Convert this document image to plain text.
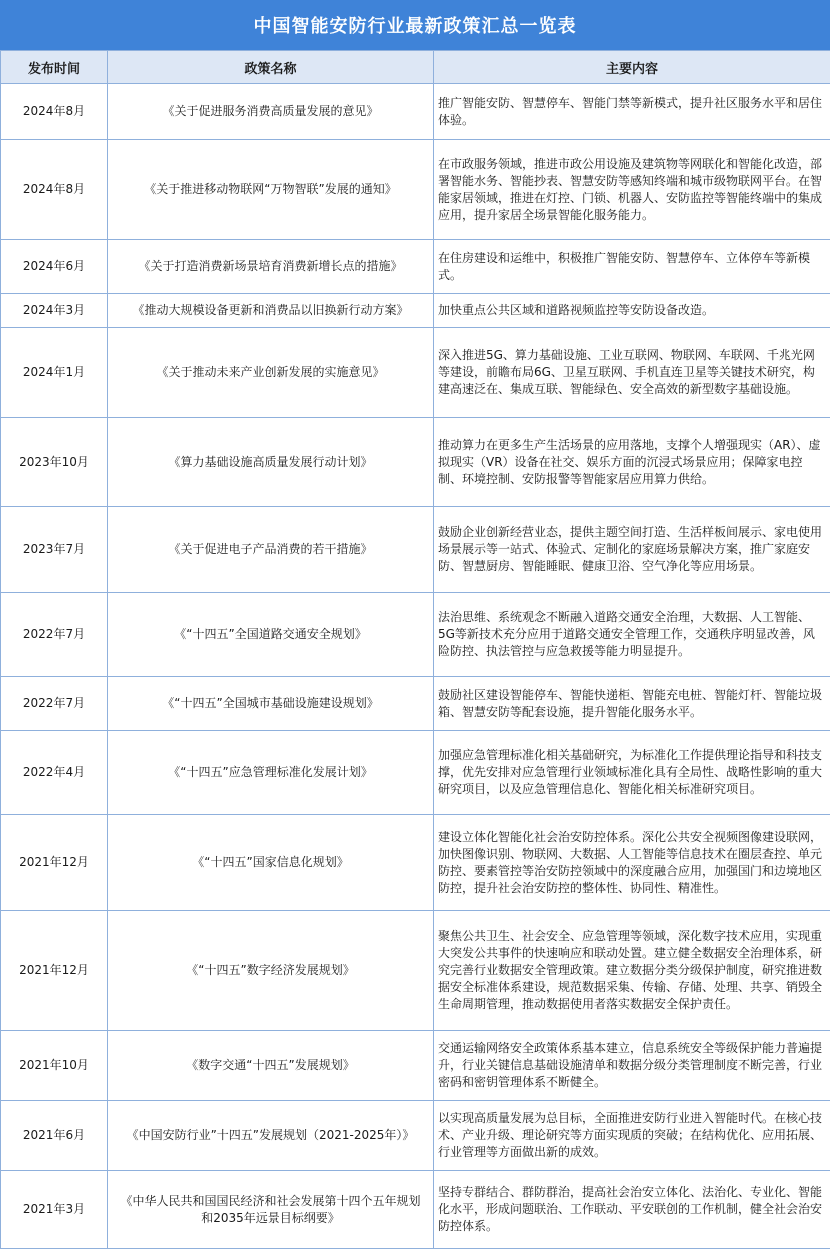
中国智能安防行业最新政策汇总一览表
发布时间	政策名称	主要内容
2024年8月	《关于促进服务消费高质量发展的意见》	推广智能安防、智慧停车、智能门禁等新模式，提升社区服务水平和居住体验。
2024年8月	《关于推进移动物联网“万物智联”发展的通知》	在市政服务领域，推进市政公用设施及建筑物等网联化和智能化改造，部署智能水务、智能抄表、智慧安防等感知终端和城市级物联网平台。在智能家居领域，推进在灯控、门锁、机器人、安防监控等智能终端中的集成应用，提升家居全场景智能化服务能力。
2024年6月	《关于打造消费新场景培育消费新增长点的措施》	在住房建设和运维中，积极推广智能安防、智慧停车、立体停车等新模式。
2024年3月	《推动大规模设备更新和消费品以旧换新行动方案》	加快重点公共区域和道路视频监控等安防设备改造。
2024年1月	《关于推动未来产业创新发展的实施意见》	深入推进5G、算力基础设施、工业互联网、物联网、车联网、千兆光网等建设，前瞻布局6G、卫星互联网、手机直连卫星等关键技术研究，构建高速泛在、集成互联、智能绿色、安全高效的新型数字基础设施。
2023年10月	《算力基础设施高质量发展行动计划》	推动算力在更多生产生活场景的应用落地，支撑个人增强现实（AR）、虚拟现实（VR）设备在社交、娱乐方面的沉浸式场景应用；保障家电控制、环境控制、安防报警等智能家居应用算力供给。
2023年7月	《关于促进电子产品消费的若干措施》	鼓励企业创新经营业态，提供主题空间打造、生活样板间展示、家电使用场景展示等一站式、体验式、定制化的家庭场景解决方案，推广家庭安防、智慧厨房、智能睡眠、健康卫浴、空气净化等应用场景。
2022年7月	《“十四五”全国道路交通安全规划》	法治思维、系统观念不断融入道路交通安全治理，大数据、人工智能、5G等新技术充分应用于道路交通安全管理工作，交通秩序明显改善，风险防控、执法管控与应急救援等能力明显提升。
2022年7月	《“十四五”全国城市基础设施建设规划》	鼓励社区建设智能停车、智能快递柜、智能充电桩、智能灯杆、智能垃圾箱、智慧安防等配套设施，提升智能化服务水平。
2022年4月	《“十四五”应急管理标准化发展计划》	加强应急管理标准化相关基础研究，为标准化工作提供理论指导和科技支撑，优先安排对应急管理行业领域标准化具有全局性、战略性影响的重大研究项目，以及应急管理信息化、智能化相关标准研究项目。
2021年12月	《“十四五”国家信息化规划》	建设立体化智能化社会治安防控体系。深化公共安全视频图像建设联网，加快图像识别、物联网、大数据、人工智能等信息技术在圈层查控、单元防控、要素管控等治安防控领域中的深度融合应用，加强国门和边境地区防控，提升社会治安防控的整体性、协同性、精准性。
2021年12月	《“十四五”数字经济发展规划》	聚焦公共卫生、社会安全、应急管理等领域，深化数字技术应用，实现重大突发公共事件的快速响应和联动处置。建立健全数据安全治理体系，研究完善行业数据安全管理政策。建立数据分类分级保护制度，研究推进数据安全标准体系建设，规范数据采集、传输、存储、处理、共享、销毁全生命周期管理，推动数据使用者落实数据安全保护责任。
2021年10月	《数字交通“十四五”发展规划》	交通运输网络安全政策体系基本建立，信息系统安全等级保护能力普遍提升，行业关键信息基础设施清单和数据分级分类管理制度不断完善，行业密码和密钥管理体系不断健全。
2021年6月	《中国安防行业”十四五”发展规划（2021-2025年）》	以实现高质量发展为总目标，全面推进安防行业进入智能时代。在核心技术、产业升级、理论研究等方面实现质的突破；在结构优化、应用拓展、行业管理等方面做出新的成效。
2021年3月	《中华人民共和国国民经济和社会发展第十四个五年规划和2035年远景目标纲要》	坚持专群结合、群防群治，提高社会治安立体化、法治化、专业化、智能化水平，形成问题联治、工作联动、平安联创的工作机制，健全社会治安防控体系。
